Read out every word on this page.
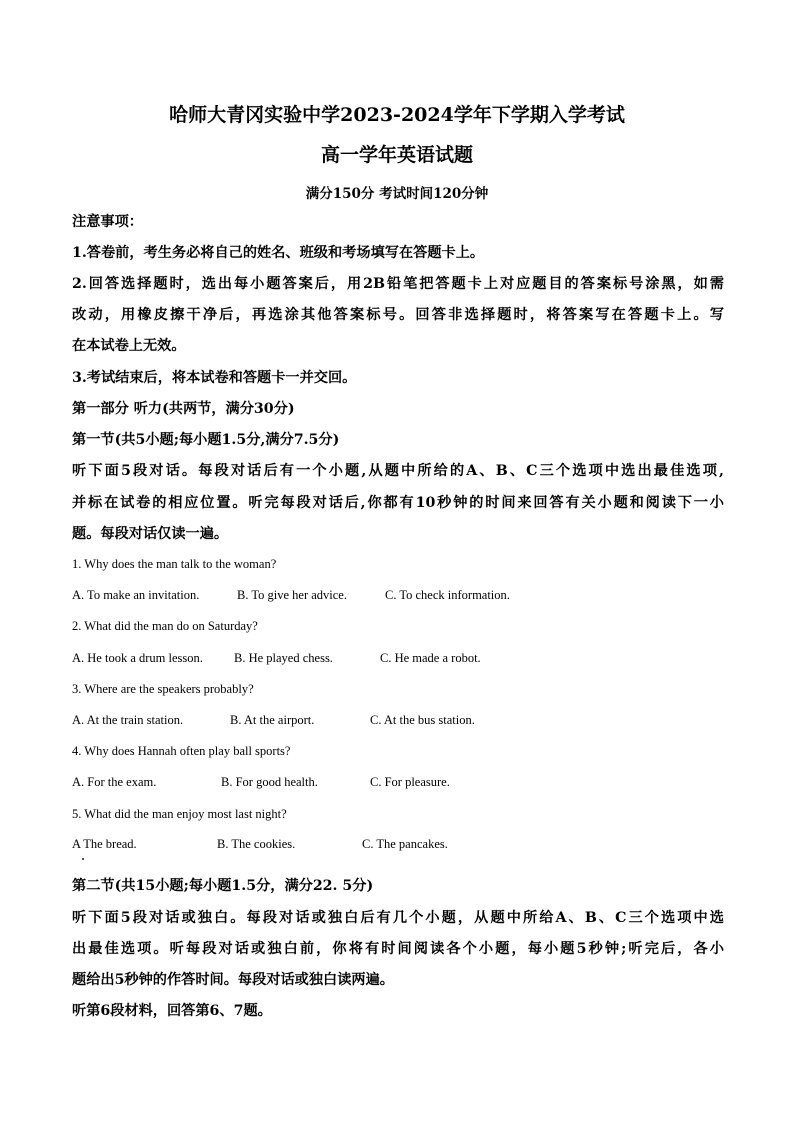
哈师大青冈实验中学2023-2024学年下学期入学考试
高一学年英语试题
满分150分 考试时间120分钟
注意事项：
1.答卷前，考生务必将自己的姓名、班级和考场填写在答题卡上。
2.回答选择题时，选出每小题答案后，用2B铅笔把答题卡上对应题目的答案标号涂黑，如需
改动，用橡皮擦干净后，再选涂其他答案标号。回答非选择题时，将答案写在答题卡上。写
在本试卷上无效。
3.考试结束后，将本试卷和答题卡一并交回。
第一部分 听力(共两节，满分30分)
第一节(共5小题;每小题1.5分,满分7.5分)
听下面5段对话。每段对话后有一个小题,从题中所给的A、B、C三个选项中选出最佳选项,
并标在试卷的相应位置。听完每段对话后,你都有10秒钟的时间来回答有关小题和阅读下一小
题。每段对话仅读一遍。
1. Why does the man talk to the woman?
A. To make an invitation.	B. To give her advice.	C. To check information.
2. What did the man do on Saturday?
A. He took a drum lesson. B. He played chess.	C. He made a robot.
3. Where are the speakers probably?
A. At the train station.	B. At the airport.	C. At the bus station.
4. Why does Hannah often play ball sports?
A. For the exam.	B. For good health.	C. For pleasure.
5. What did the man enjoy most last night?
A The bread.	B. The cookies.	C. The pancakes.
第二节(共15小题;每小题1.5分，满分22. 5分)
听下面5段对话或独白。每段对话或独白后有几个小题，从题中所给A、B、C三个选项中选
出最佳选项。听每段对话或独白前，你将有时间阅读各个小题，每小题5秒钟;听完后，各小
题给出5秒钟的作答时间。每段对话或独白读两遍。
听第6段材料，回答第6、7题。
